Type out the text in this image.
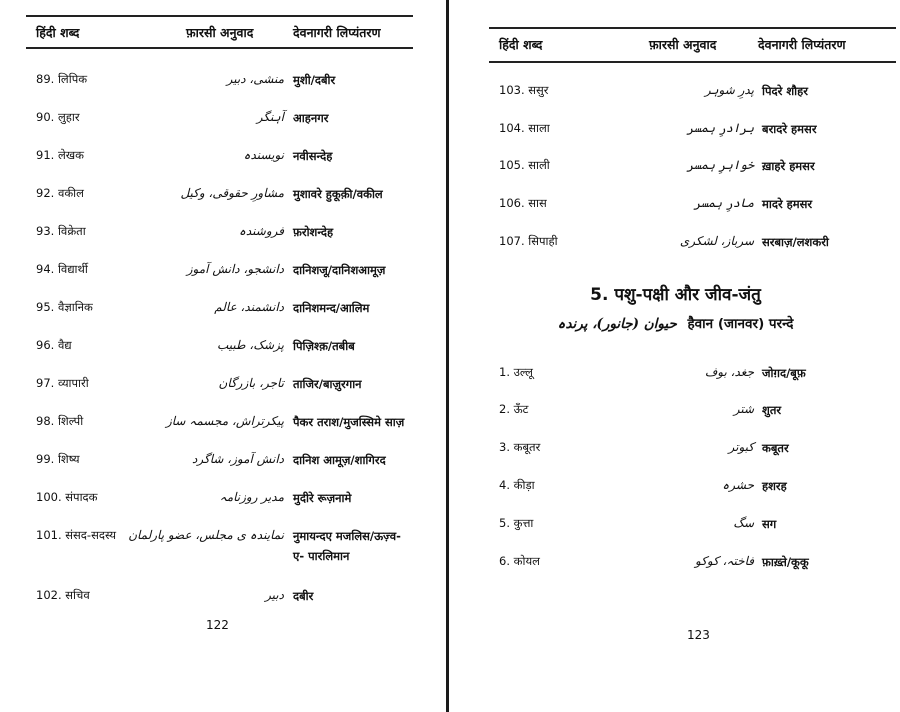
हिंदी शब्द	फ़ारसी अनुवाद	देवनागरी लिप्यंतरण
89. लिपिक	منشی، دبیر मुशी/दबीर
90. लुहार	آہنگر आहनगर
91. लेखक	نویسندہ नवीसन्देह
92. वकील	مشاورِ حقوقی، وکیل मुशावरे हुकूक़ी/वकील
93. विक्रेता	فروشندہ फ़रोशन्देह
94. विद्यार्थी	دانشجو، دانش آموز दानिशजू/दानिशआमूज़
95. वैज्ञानिक	دانشمند، عالم दानिशमन्द/आलिम
96. वैद्य	پزشک، طبیب पिज़िश्क़/तबीब
97. व्यापारी	تاجر، بازرگان ताजिर/बाज़ुरगान
98. शिल्पी	پیکرتراش، مجسمہ ساز पैकर तराश/मुजस्सिमे साज़
99. शिष्य	دانش آموز، شاگرد दानिश आमूज़/शागिरद
100. संपादक	مدیر روزنامہ मुदीरे रूज़नामे
101. संसद-सदस्य نمایندہ ی مجلس، عضو پارلمان नुमायन्दए मजलिस/ऊज़्व-
ए- पारलिमान
102. सचिव	دبیر दबीर
122
हिंदी शब्द	फ़ारसी अनुवाद	देवनागरी लिप्यंतरण
103. ससुर	پدرِ شوہر पिदरे शौहर
104. साला	برادرِ ہمسر बरादरे हमसर
105. साली	خواہرِ ہمسر ख़ाहरे हमसर
106. सास	مادرِ ہمسر मादरे हमसर
107. सिपाही	سرباز، لشکری सरबाज़/लशकरी
5. पशु-पक्षी और जीव-जंतु
حیوان (جانور)، پرندہ हैवान (जानवर) परन्दे
1. उल्लू	جغد، بوف जोग़द/बूफ़
2. ऊँट	شتر शुतर
3. कबूतर	کبوتر कबूतर
4. कीड़ा	حشرہ हशरह
5. कुत्ता	سگ सग
6. कोयल	فاختہ، کوکو फ़ाख़्ते/कूकू
123
